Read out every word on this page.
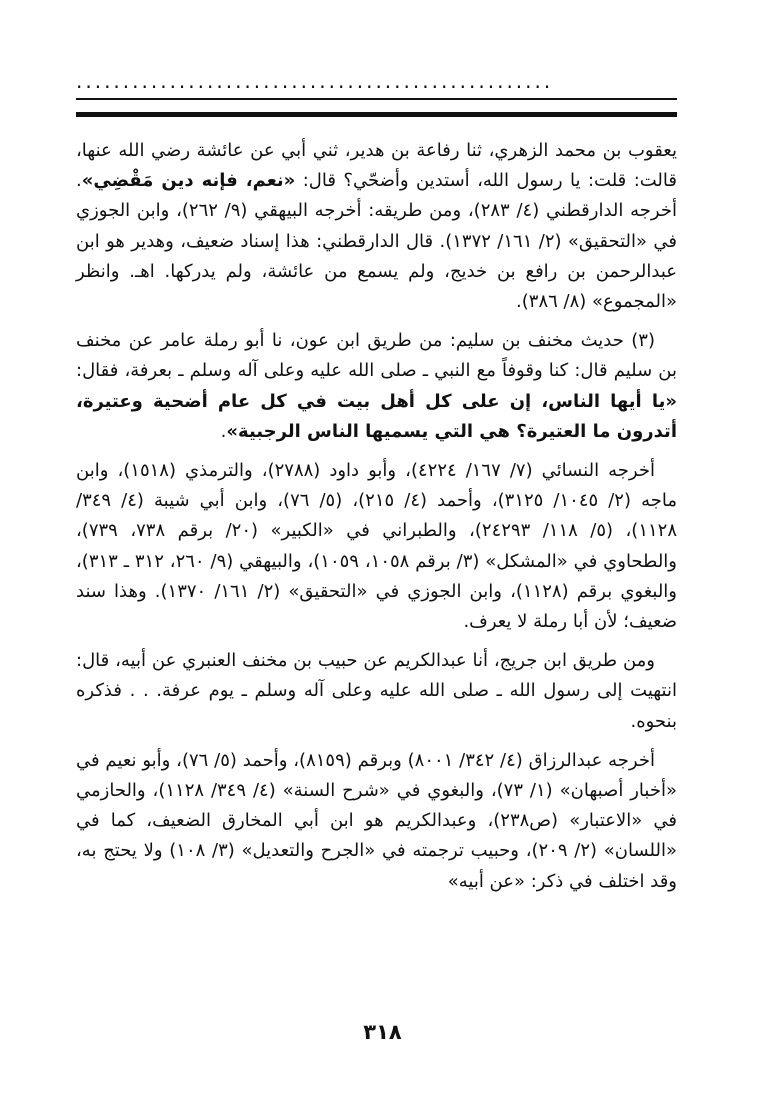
...................................................

يعقوب بن محمد الزهري، ثنا رفاعة بن هدير، ثني أبي عن عائشة رضي الله عنها، قالت: قلت: يا رسول الله، أستدين وأضحّي؟ قال: «نعم، فإنه دين مَقْضِي». أخرجه الدارقطني (٤/ ٢٨٣)، ومن طريقه: أخرجه البيهقي (٩/ ٢٦٢)، وابن الجوزي في «التحقيق» (٢/ ١٦١/ ١٣٧٢). قال الدارقطني: هذا إسناد ضعيف، وهدير هو ابن عبدالرحمن بن رافع بن خديج، ولم يسمع من عائشة، ولم يدركها. اهـ. وانظر «المجموع» (٨/ ٣٨٦).

(٣) حديث مخنف بن سليم: من طريق ابن عون، نا أبو رملة عامر عن مخنف بن سليم قال: كنا وقوفاً مع النبي ـ صلى الله عليه وعلى آله وسلم ـ بعرفة، فقال: «يا أيها الناس، إن على كل أهل بيت في كل عام أضحية وعتيرة، أتدرون ما العتيرة؟ هي التي يسميها الناس الرجبية».

أخرجه النسائي (٧/ ١٦٧/ ٤٢٢٤)، وأبو داود (٢٧٨٨)، والترمذي (١٥١٨)، وابن ماجه (٢/ ١٠٤٥/ ٣١٢٥)، وأحمد (٤/ ٢١٥)، (٥/ ٧٦)، وابن أبي شيبة (٤/ ٣٤٩/ ١١٢٨)، (٥/ ١١٨/ ٢٤٢٩٣)، والطبراني في «الكبير» (٢٠/ برقم ٧٣٨، ٧٣٩)، والطحاوي في «المشكل» (٣/ برقم ١٠٥٨، ١٠٥٩)، والبيهقي (٩/ ٢٦٠، ٣١٢ ـ ٣١٣)، والبغوي برقم (١١٢٨)، وابن الجوزي في «التحقيق» (٢/ ١٦١/ ١٣٧٠). وهذا سند ضعيف؛ لأن أبا رملة لا يعرف.

ومن طريق ابن جريج، أنا عبدالكريم عن حبيب بن مخنف العنبري عن أبيه، قال: انتهيت إلى رسول الله ـ صلى الله عليه وعلى آله وسلم ـ يوم عرفة. . . فذكره بنحوه.

أخرجه عبدالرزاق (٤/ ٣٤٢/ ٨٠٠١) وبرقم (٨١٥٩)، وأحمد (٥/ ٧٦)، وأبو نعيم في «أخبار أصبهان» (١/ ٧٣)، والبغوي في «شرح السنة» (٤/ ٣٤٩/ ١١٢٨)، والحازمي في «الاعتبار» (ص٢٣٨)، وعبدالكريم هو ابن أبي المخارق الضعيف، كما في «اللسان» (٢/ ٢٠٩)، وحبيب ترجمته في «الجرح والتعديل» (٣/ ١٠٨) ولا يحتج به، وقد اختلف في ذكر: «عن أبيه»

٣١٨
